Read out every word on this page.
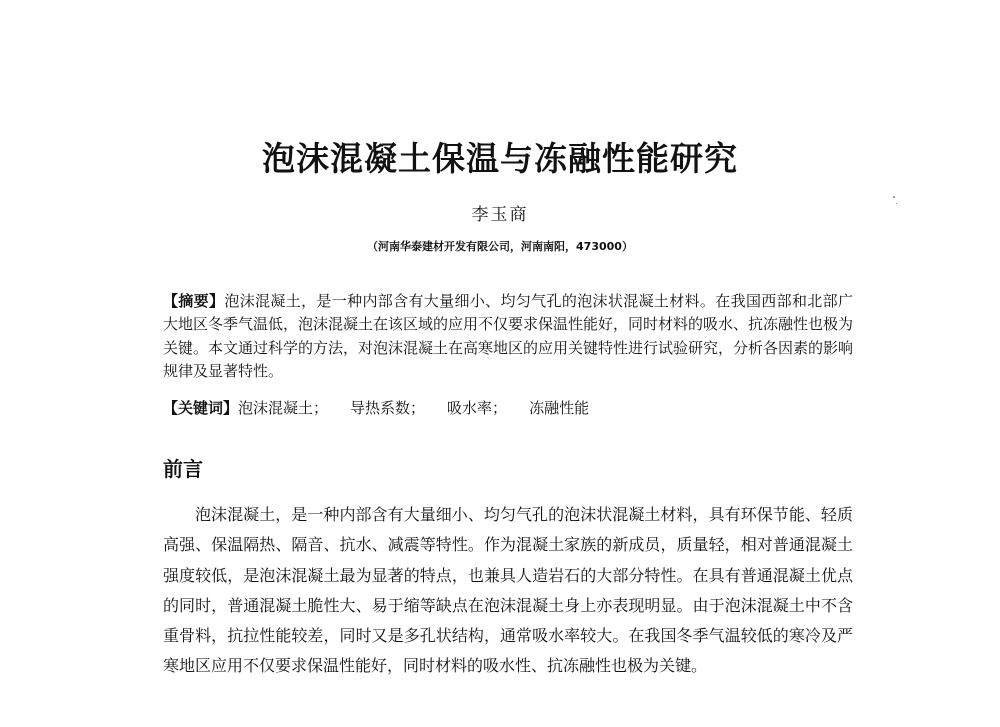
泡沫混凝土保温与冻融性能研究

李玉商

（河南华泰建材开发有限公司，河南南阳，473000）

【摘要】泡沫混凝土，是一种内部含有大量细小、均匀气孔的泡沫状混凝土材料。在我国西部和北部广大地区冬季气温低，泡沫混凝土在该区域的应用不仅要求保温性能好，同时材料的吸水、抗冻融性也极为关键。本文通过科学的方法，对泡沫混凝土在高寒地区的应用关键特性进行试验研究，分析各因素的影响规律及显著特性。

【关键词】泡沫混凝土； 导热系数； 吸水率； 冻融性能

前言

泡沫混凝土，是一种内部含有大量细小、均匀气孔的泡沫状混凝土材料，具有环保节能、轻质高强、保温隔热、隔音、抗水、减震等特性。作为混凝土家族的新成员，质量轻，相对普通混凝土强度较低，是泡沫混凝土最为显著的特点，也兼具人造岩石的大部分特性。在具有普通混凝土优点的同时，普通混凝土脆性大、易于缩等缺点在泡沫混凝土身上亦表现明显。由于泡沫混凝土中不含重骨料，抗拉性能较差，同时又是多孔状结构，通常吸水率较大。在我国冬季气温较低的寒冷及严寒地区应用不仅要求保温性能好，同时材料的吸水性、抗冻融性也极为关键。
